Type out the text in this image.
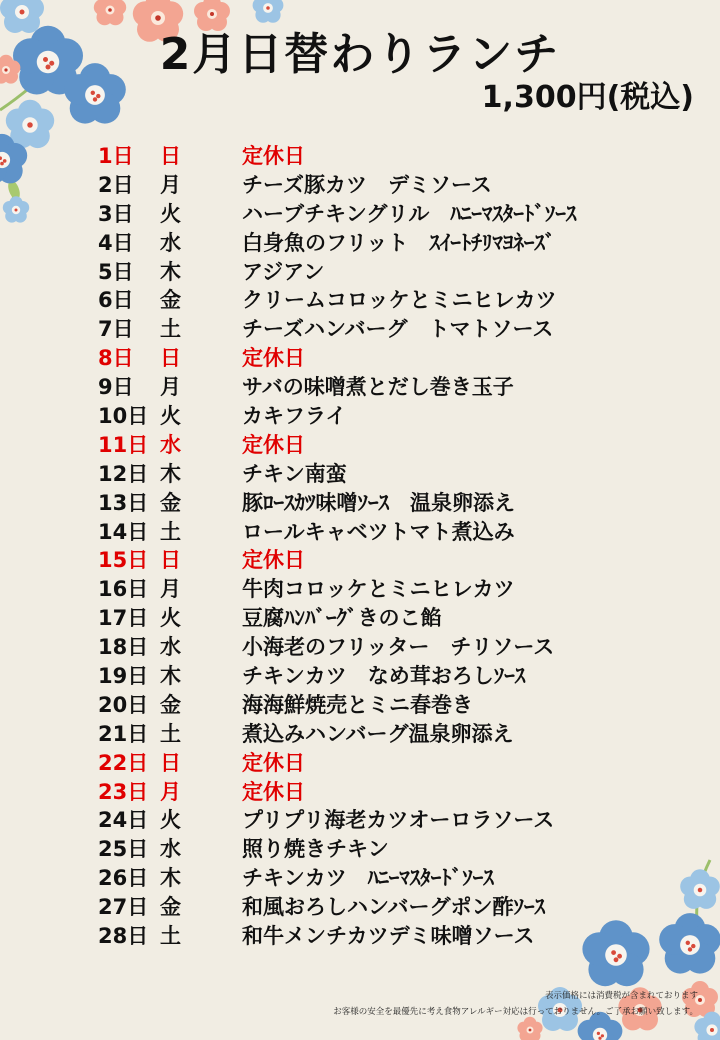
2月日替わりランチ
1,300円(税込)
1日	日	定休日
2日	月	チーズ豚カツ　デミソース
3日	火	ハーブチキングリル　ﾊﾆｰﾏｽﾀｰﾄﾞｿｰｽ
4日	水	白身魚のフリット　ｽｲｰﾄﾁﾘﾏﾖﾈｰｽﾞ
5日	木	アジアン
6日	金	クリームコロッケとミニヒレカツ
7日	土	チーズハンバーグ　トマトソース
8日	日	定休日
9日	月	サバの味噌煮とだし巻き玉子
10日 火	カキフライ
11日 水	定休日
12日 木	チキン南蛮
13日 金	豚ﾛｰｽｶﾂ味噌ｿｰｽ　温泉卵添え
14日 土	ロールキャベツトマト煮込み
15日 日	定休日
16日 月	牛肉コロッケとミニヒレカツ
17日 火	豆腐ﾊﾝﾊﾞｰｸﾞきのこ餡
18日 水	小海老のフリッター　チリソース
19日 木	チキンカツ　なめ茸おろしｿｰｽ
20日 金	海海鮮焼売とミニ春巻き
21日 土	煮込みハンバーグ温泉卵添え
22日 日	定休日
23日 月	定休日
24日 火	プリプリ海老カツオーロラソース
25日 水	照り焼きチキン
26日 木	チキンカツ　ﾊﾆｰﾏｽﾀｰﾄﾞｿｰｽ
27日 金	和風おろしハンバーグポン酢ｿｰｽ
28日 土	和牛メンチカツデミ味噌ソース
表示価格には消費税が含まれております
お客様の安全を最優先に考え食物アレルギー対応は行っておりません。ご了承お願い致します。
